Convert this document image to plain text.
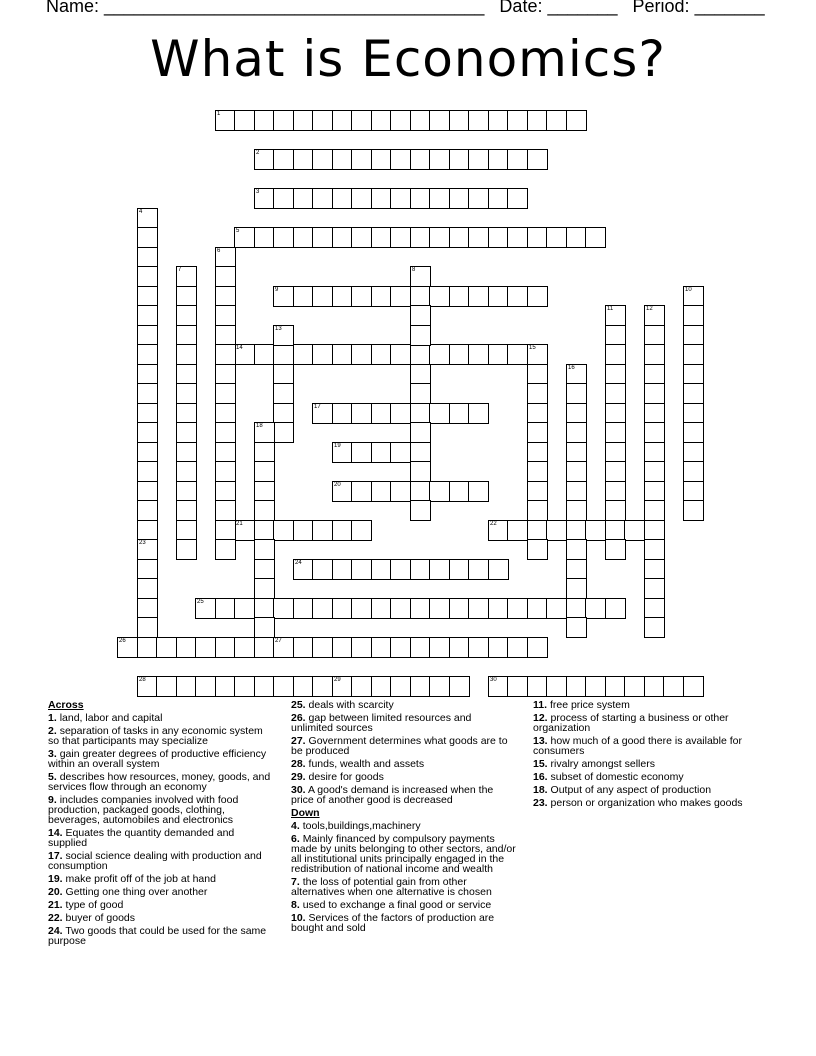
Name: ______________________________________   Date: _______   Period: _______
What is Economics?
1
2
3
5
9
14
17
19
20
21	22
24
25
26	27
28	29	30
4
23
6
7	8
10
11	12
13
15
16
18
Across
1. land, labor and capital
2. separation of tasks in any economic system so that participants may specialize
3. gain greater degrees of productive efficiency within an overall system
5. describes how resources, money, goods, and services flow through an economy
9. includes companies involved with food production, packaged goods, clothing, beverages, automobiles and electronics
14. Equates the quantity demanded and supplied
17. social science dealing with production and consumption
19. make profit off of the job at hand
20. Getting one thing over another
21. type of good
22. buyer of goods
24. Two goods that could be used for the same purpose
25. deals with scarcity
26. gap between limited resources and unlimited sources
27. Government determines what goods are to be produced
28. funds, wealth and assets
29. desire for goods
30. A good's demand is increased when the price of another good is decreased
Down
4. tools,buildings,machinery
6. Mainly financed by compulsory payments made by units belonging to other sectors, and/or all institutional units principally engaged in the redistribution of national income and wealth
7. the loss of potential gain from other alternatives when one alternative is chosen
8. used to exchange a final good or service
10. Services of the factors of production are bought and sold
11. free price system
12. process of starting a business or other organization
13. how much of a good there is available for consumers
15. rivalry amongst sellers
16. subset of domestic economy
18. Output of any aspect of production
23. person or organization who makes goods
